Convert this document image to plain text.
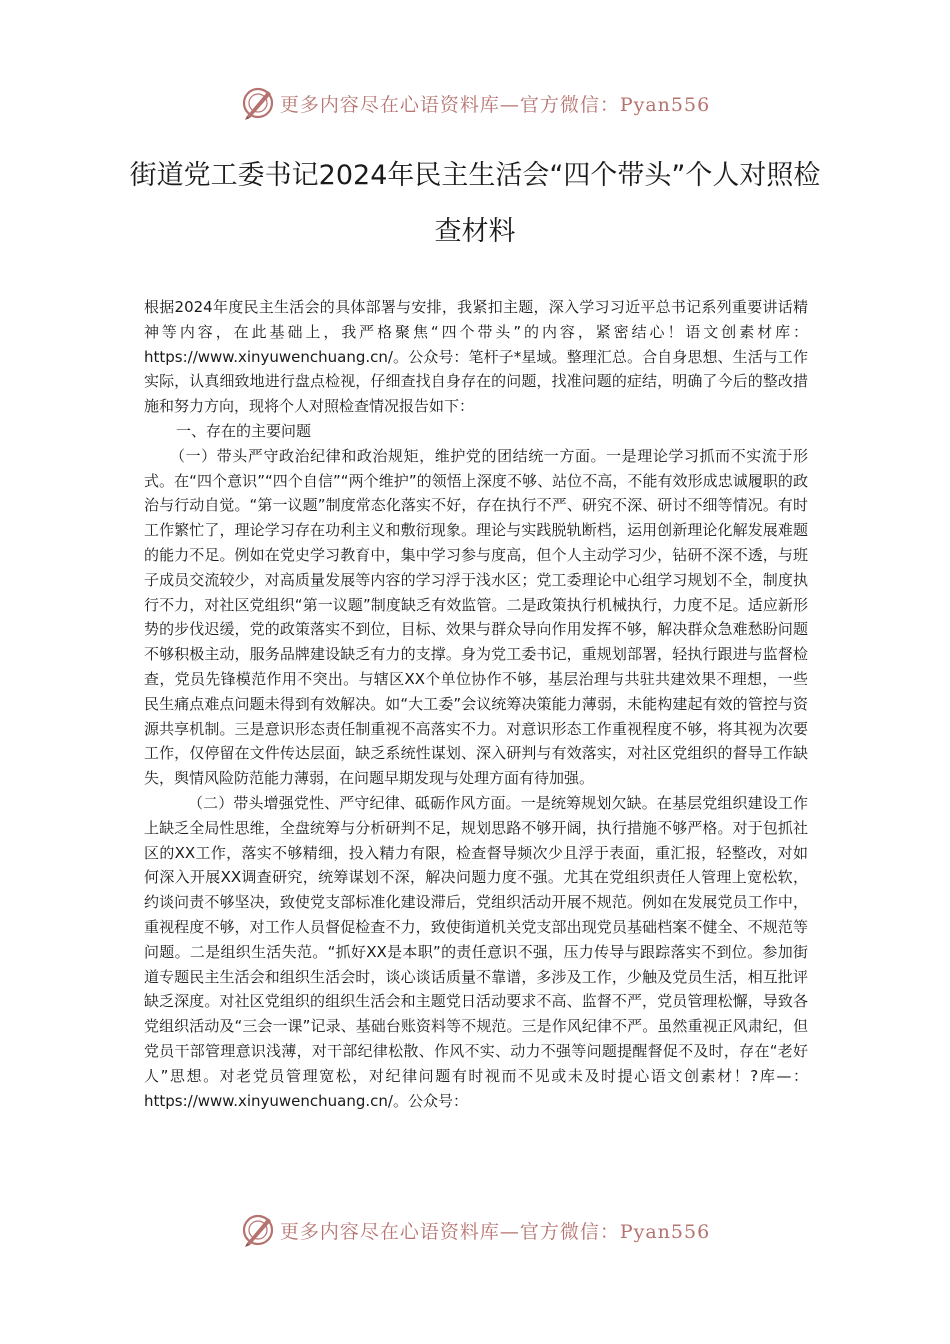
更多内容尽在心语资料库—官方微信：Pyan556
街道党工委书记2024年民主生活会“四个带头”个人对照检查材料

根据2024年度民主生活会的具体部署与安排，我紧扣主题，深入学习习近平总书记系列重要讲话精神等内容，在此基础上，我严格聚焦“四个带头”的内容，紧密结心！语文创素材库：https://www.xinyuwenchuang.cn/。公众号：笔杆子*星域。整理汇总。合自身思想、生活与工作实际，认真细致地进行盘点检视，仔细查找自身存在的问题，找准问题的症结，明确了今后的整改措施和努力方向，现将个人对照检查情况报告如下：

一、存在的主要问题

（一）带头严守政治纪律和政治规矩，维护党的团结统一方面。一是理论学习抓而不实流于形式。在“四个意识”“四个自信”“两个维护”的领悟上深度不够、站位不高，不能有效形成忠诚履职的政治与行动自觉。“第一议题”制度常态化落实不好，存在执行不严、研究不深、研讨不细等情况。有时工作繁忙了，理论学习存在功利主义和敷衍现象。理论与实践脱轨断档，运用创新理论化解发展难题的能力不足。例如在党史学习教育中，集中学习参与度高，但个人主动学习少，钻研不深不透，与班子成员交流较少，对高质量发展等内容的学习浮于浅水区；党工委理论中心组学习规划不全，制度执行不力，对社区党组织“第一议题”制度缺乏有效监管。二是政策执行机械执行，力度不足。适应新形势的步伐迟缓，党的政策落实不到位，目标、效果与群众导向作用发挥不够，解决群众急难愁盼问题不够积极主动，服务品牌建设缺乏有力的支撑。身为党工委书记，重规划部署，轻执行跟进与监督检查，党员先锋模范作用不突出。与辖区XX个单位协作不够，基层治理与共驻共建效果不理想，一些民生痛点难点问题未得到有效解决。如“大工委”会议统筹决策能力薄弱，未能构建起有效的管控与资源共享机制。三是意识形态责任制重视不高落实不力。对意识形态工作重视程度不够，将其视为次要工作，仅停留在文件传达层面，缺乏系统性谋划、深入研判与有效落实，对社区党组织的督导工作缺失，舆情风险防范能力薄弱，在问题早期发现与处理方面有待加强。

（二）带头增强党性、严守纪律、砥砺作风方面。一是统筹规划欠缺。在基层党组织建设工作上缺乏全局性思维，全盘统筹与分析研判不足，规划思路不够开阔，执行措施不够严格。对于包抓社区的XX工作，落实不够精细，投入精力有限，检查督导频次少且浮于表面，重汇报，轻整改，对如何深入开展XX调查研究，统筹谋划不深，解决问题力度不强。尤其在党组织责任人管理上宽松软，约谈问责不够坚决，致使党支部标准化建设滞后，党组织活动开展不规范。例如在发展党员工作中，重视程度不够，对工作人员督促检查不力，致使街道机关党支部出现党员基础档案不健全、不规范等问题。二是组织生活失范。“抓好XX是本职”的责任意识不强，压力传导与跟踪落实不到位。参加街道专题民主生活会和组织生活会时，谈心谈话质量不靠谱，多涉及工作，少触及党员生活，相互批评缺乏深度。对社区党组织的组织生活会和主题党日活动要求不高、监督不严，党员管理松懈，导致各党组织活动及“三会一课”记录、基础台账资料等不规范。三是作风纪律不严。虽然重视正风肃纪，但党员干部管理意识浅薄，对干部纪律松散、作风不实、动力不强等问题提醒督促不及时，存在“老好人”思想。对老党员管理宽松，对纪律问题有时视而不见或未及时提心语文创素材！?库—：https://www.xinyuwenchuang.cn/。公众号：

更多内容尽在心语资料库—官方微信：Pyan556
